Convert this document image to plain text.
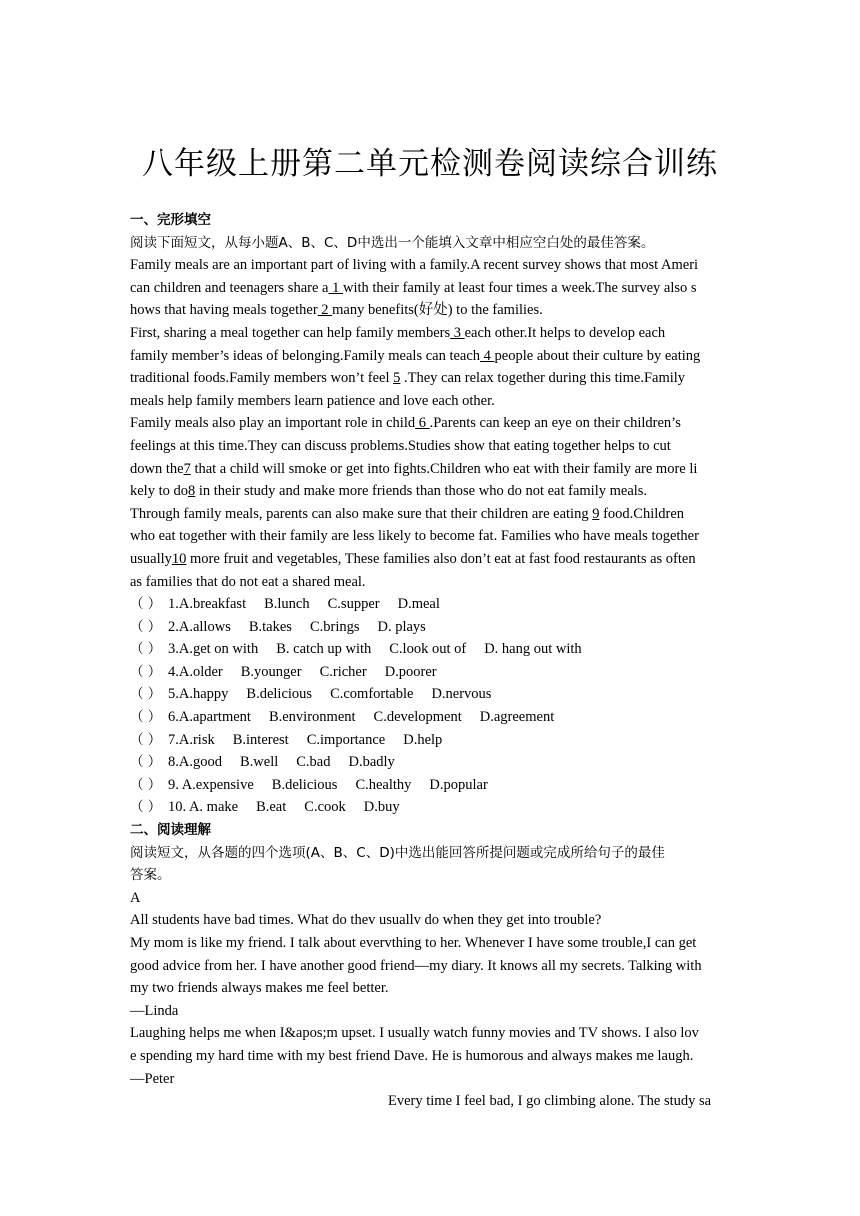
八年级上册第二单元检测卷阅读综合训练
一、完形填空
阅读下面短文，从每小题A、B、C、D中选出一个能填入文章中相应空白处的最佳答案。
Family meals are an important part of living with a family.A recent survey shows that most Ameri
can children and teenagers share a 1 with their family at least four times a week.The survey also s
hows that having meals together 2 many benefits(好处) to the families.
First, sharing a meal together can help family members 3 each other.It helps to develop each
family member’s ideas of belonging.Family meals can teach 4 people about their culture by eating
traditional foods.Family members won’t feel 5 .They can relax together during this time.Family
meals help family members learn patience and love each other.
Family meals also play an important role in child 6 .Parents can keep an eye on their children’s
feelings at this time.They can discuss problems.Studies show that eating together helps to cut
down the7 that a child will smoke or get into fights.Children who eat with their family are more li
kely to do8 in their study and make more friends than those who do not eat family meals.
Through family meals, parents can also make sure that their children are eating 9 food.Children
who eat together with their family are less likely to become fat. Families who have meals together
usually10 more fruit and vegetables, These families also don’t eat at fast food restaurants as often
as families that do not eat a shared meal.
（ ） 1.A.breakfast B.lunch C.supper D.meal
（ ） 2.A.allows B.takes C.brings D. plays
（ ） 3.A.get on with B. catch up with C.look out of D. hang out with
（ ） 4.A.older B.younger C.richer D.poorer
（ ） 5.A.happy B.delicious C.comfortable D.nervous
（ ） 6.A.apartment B.environment C.development D.agreement
（ ） 7.A.risk B.interest C.importance D.help
（ ） 8.A.good B.well C.bad D.badly
（ ） 9. A.expensive B.delicious C.healthy D.popular
（ ） 10. A. make B.eat C.cook D.buy
二、阅读理解
阅读短文，从各题的四个选项(A、B、C、D)中选出能回答所提问题或完成所给句子的最佳
答案。
A
All students have bad times. What do thev usuallv do when they get into trouble?
My mom is like my friend. I talk about evervthing to her. Whenever I have some trouble,I can get
good advice from her. I have another good friend—my diary. It knows all my secrets. Talking with
my two friends always makes me feel better.
—Linda
Laughing helps me when I&apos;m upset. I usually watch funny movies and TV shows. I also lov
e spending my hard time with my best friend Dave. He is humorous and always makes me laugh.
—Peter
Every time I feel bad, I go climbing alone. The study sa
